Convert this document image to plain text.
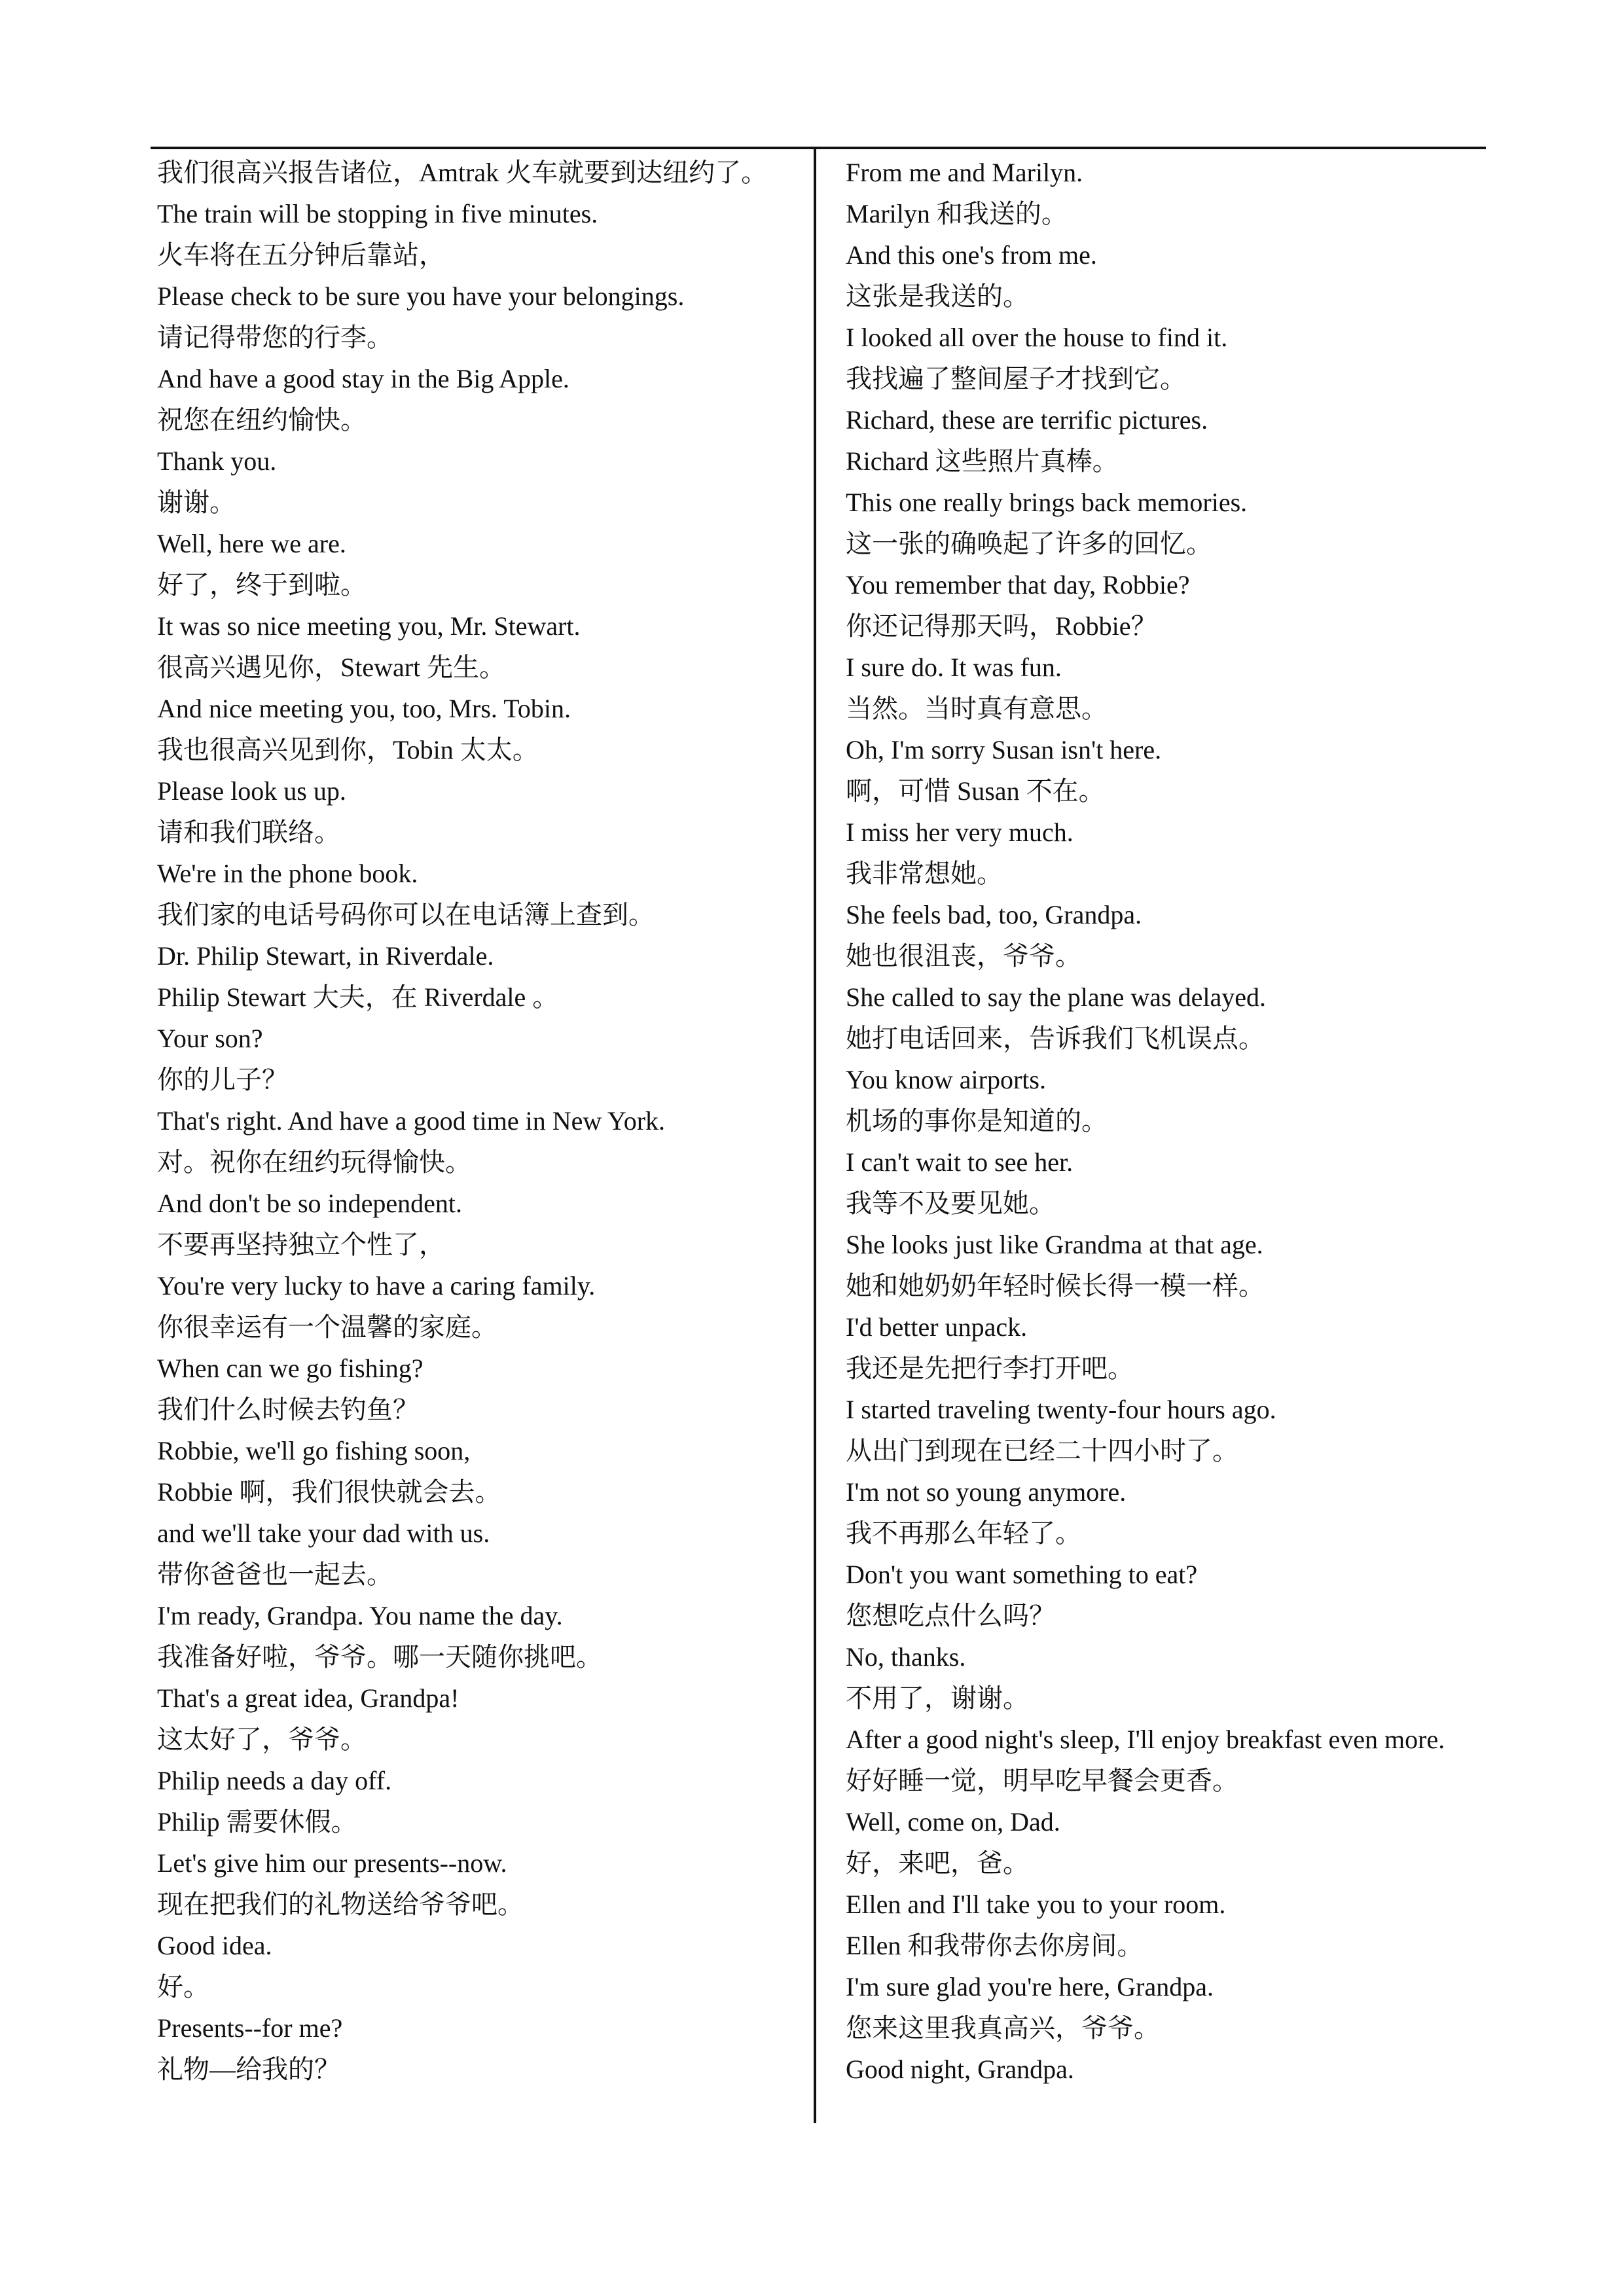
我们很高兴报告诸位，Amtrak 火车就要到达纽约了。
The train will be stopping in five minutes.
火车将在五分钟后靠站，
Please check to be sure you have your belongings.
请记得带您的行李。
And have a good stay in the Big Apple.
祝您在纽约愉快。
Thank you.
谢谢。
Well, here we are.
好了，终于到啦。
It was so nice meeting you, Mr. Stewart.
很高兴遇见你，Stewart 先生。
And nice meeting you, too, Mrs. Tobin.
我也很高兴见到你，Tobin 太太。
Please look us up.
请和我们联络。
We're in the phone book.
我们家的电话号码你可以在电话簿上查到。
Dr. Philip Stewart, in Riverdale.
Philip Stewart 大夫，在 Riverdale 。
Your son?
你的儿子？
That's right. And have a good time in New York.
对。祝你在纽约玩得愉快。
And don't be so independent.
不要再坚持独立个性了，
You're very lucky to have a caring family.
你很幸运有一个温馨的家庭。
When can we go fishing?
我们什么时候去钓鱼？
Robbie, we'll go fishing soon,
Robbie 啊，我们很快就会去。
and we'll take your dad with us.
带你爸爸也一起去。
I'm ready, Grandpa. You name the day.
我准备好啦，爷爷。哪一天随你挑吧。
That's a great idea, Grandpa!
这太好了，爷爷。
Philip needs a day off.
Philip 需要休假。
Let's give him our presents--now.
现在把我们的礼物送给爷爷吧。
Good idea.
好。
Presents--for me?
礼物—给我的？
From me and Marilyn.
Marilyn 和我送的。
And this one's from me.
这张是我送的。
I looked all over the house to find it.
我找遍了整间屋子才找到它。
Richard, these are terrific pictures.
Richard 这些照片真棒。
This one really brings back memories.
这一张的确唤起了许多的回忆。
You remember that day, Robbie?
你还记得那天吗，Robbie？
I sure do. It was fun.
当然。当时真有意思。
Oh, I'm sorry Susan isn't here.
啊，可惜 Susan 不在。
I miss her very much.
我非常想她。
She feels bad, too, Grandpa.
她也很沮丧，爷爷。
She called to say the plane was delayed.
她打电话回来，告诉我们飞机误点。
You know airports.
机场的事你是知道的。
I can't wait to see her.
我等不及要见她。
She looks just like Grandma at that age.
她和她奶奶年轻时候长得一模一样。
I'd better unpack.
我还是先把行李打开吧。
I started traveling twenty-four hours ago.
从出门到现在已经二十四小时了。
I'm not so young anymore.
我不再那么年轻了。
Don't you want something to eat?
您想吃点什么吗？
No, thanks.
不用了，谢谢。
After a good night's sleep, I'll enjoy breakfast even more.
好好睡一觉，明早吃早餐会更香。
Well, come on, Dad.
好，来吧，爸。
Ellen and I'll take you to your room.
Ellen 和我带你去你房间。
I'm sure glad you're here, Grandpa.
您来这里我真高兴，爷爷。
Good night, Grandpa.
